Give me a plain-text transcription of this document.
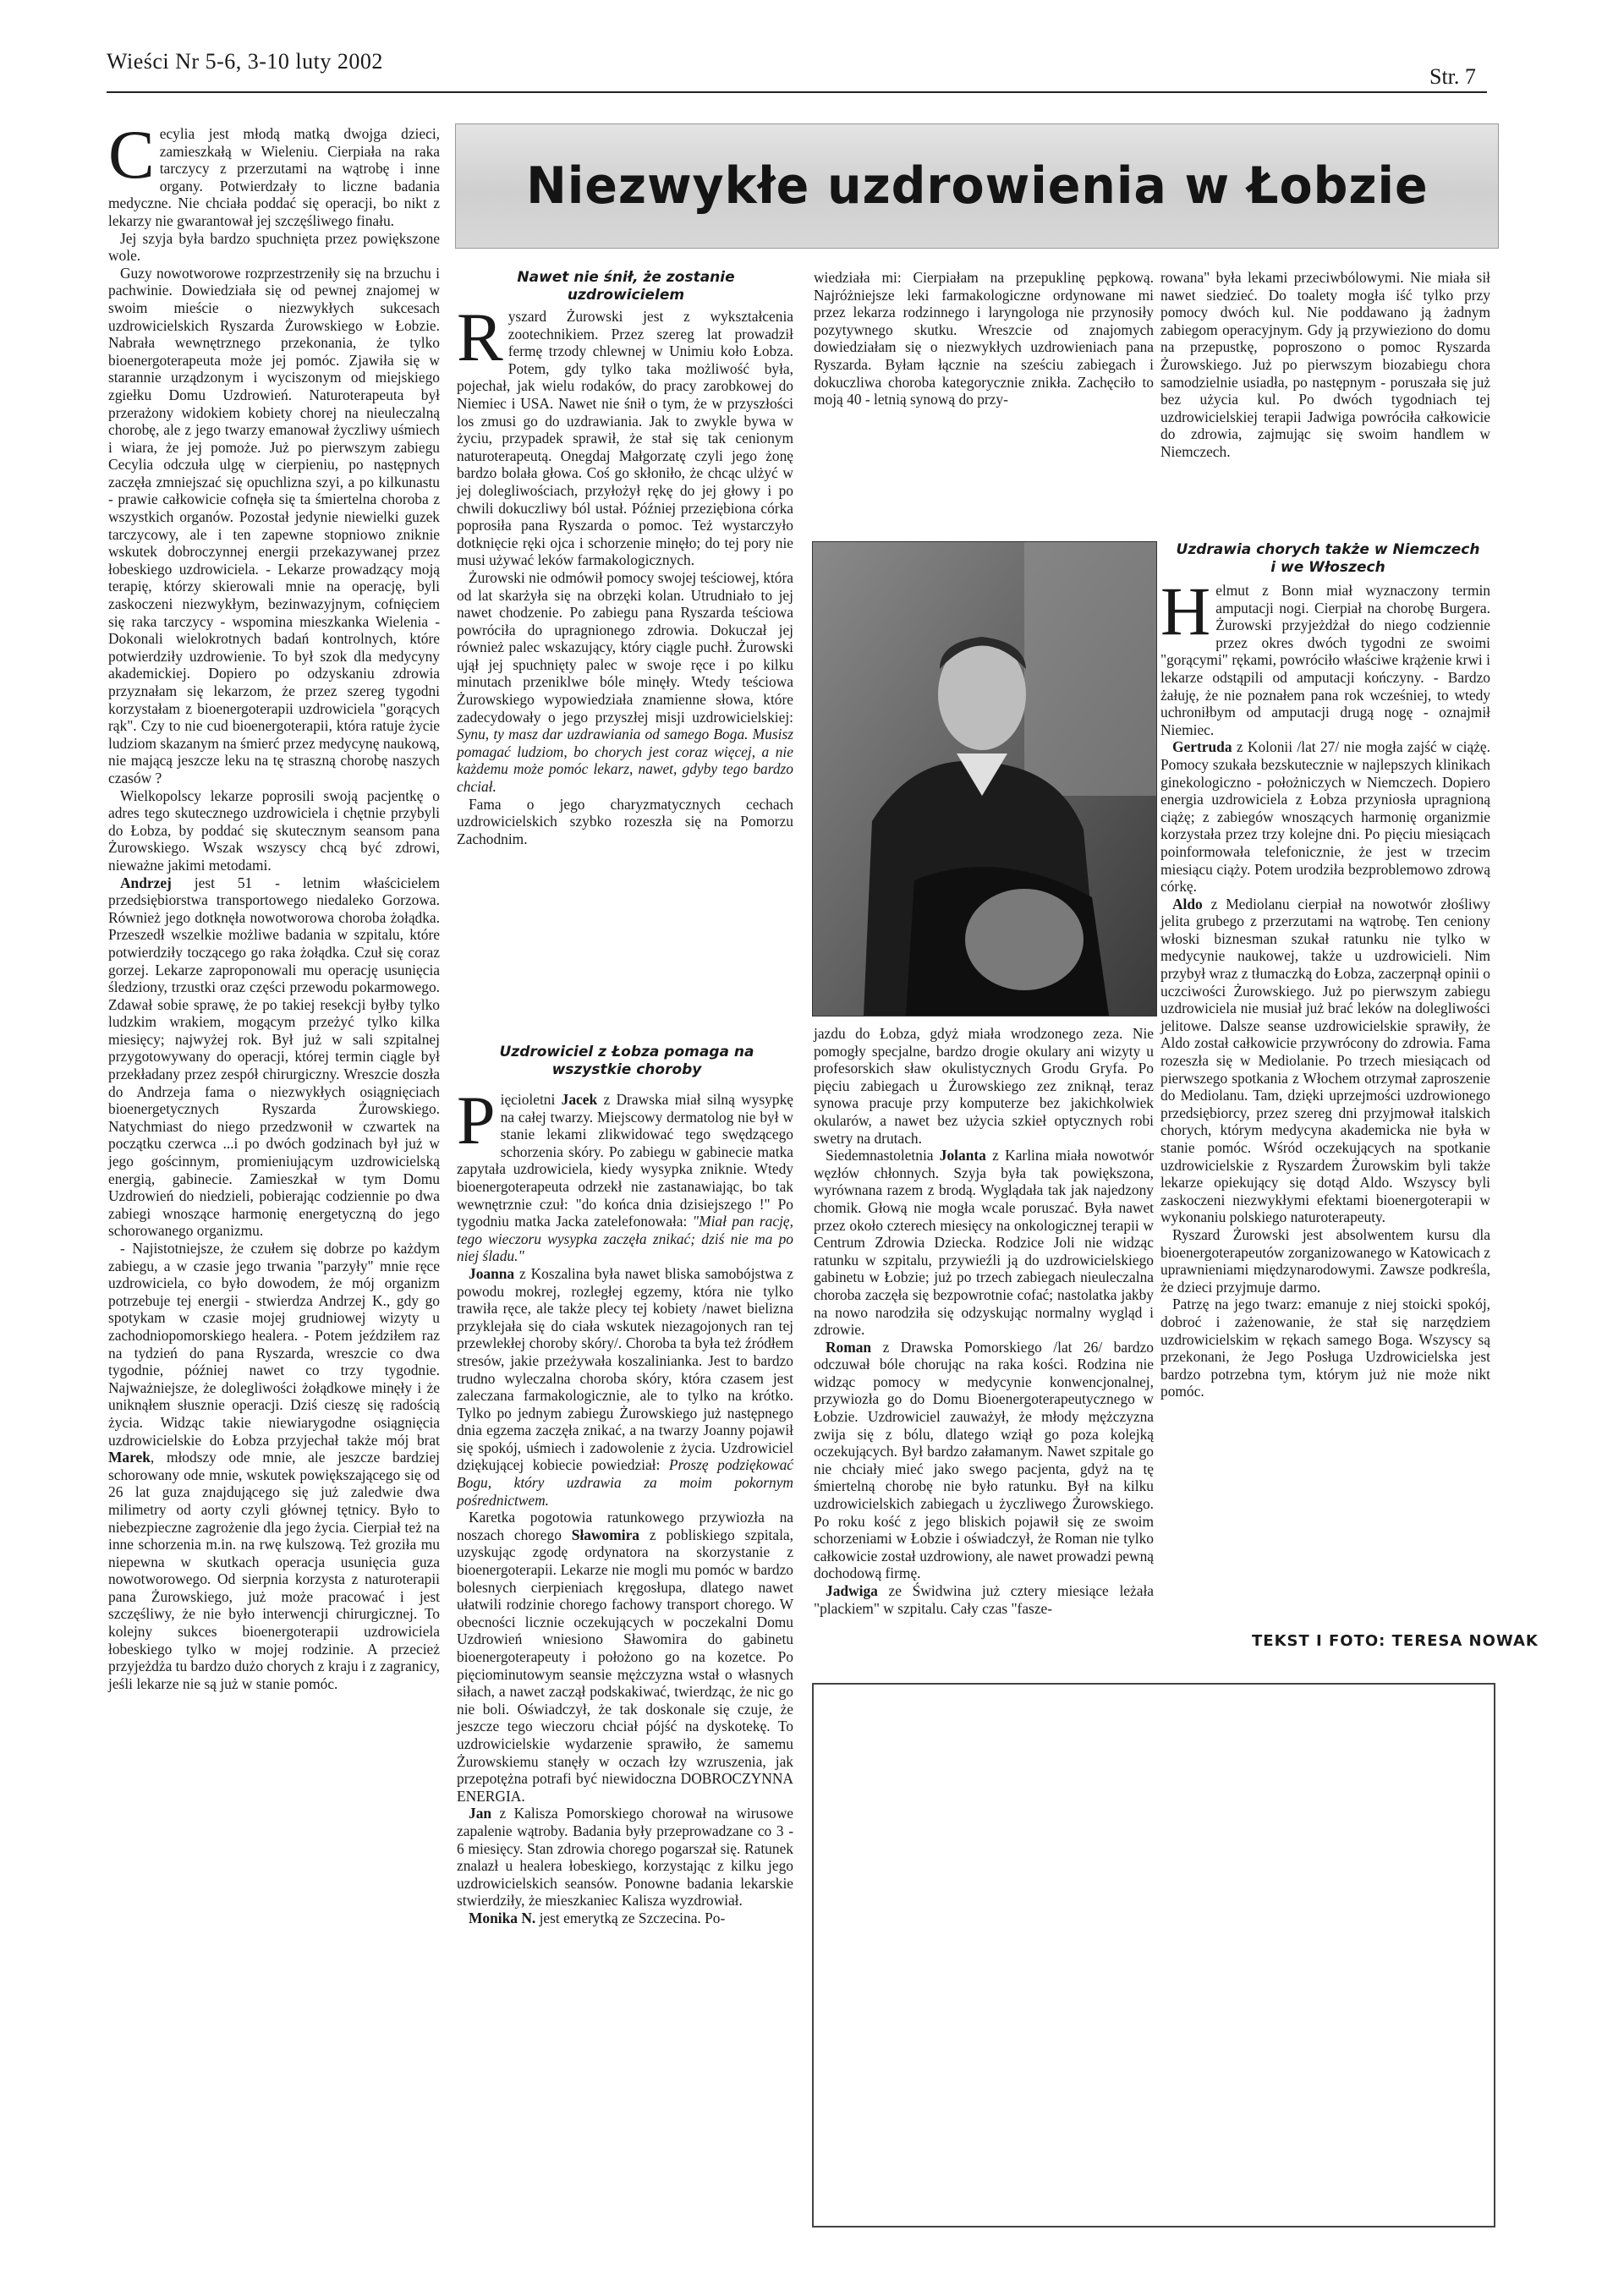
Wieści Nr 5-6, 3-10 luty 2002
Str. 7
Niezwykłe uzdrowienia w Łobzie

Cecylia jest młodą matką dwojga dzieci, zamieszkałą w Wieleniu. Cierpiała na raka tarczycy z przerzutami na wątrobę i inne organy. Potwierdzały to liczne badania medyczne. Nie chciała poddać się operacji, bo nikt z lekarzy nie gwarantował jej szczęśliwego finału.

Jej szyja była bardzo spuchnięta przez powiększone wole.

Guzy nowotworowe rozprzestrzeniły się na brzuchu i pachwinie. Dowiedziała się od pewnej znajomej w swoim mieście o niezwykłych sukcesach uzdrowicielskich Ryszarda Żurowskiego w Łobzie. Nabrała wewnętrznego przekonania, że tylko bioenergoterapeuta może jej pomóc. Zjawiła się w starannie urządzonym i wyciszonym od miejskiego zgiełku Domu Uzdrowień. Naturoterapeuta był przerażony widokiem kobiety chorej na nieuleczalną chorobę, ale z jego twarzy emanował życzliwy uśmiech i wiara, że jej pomoże. Już po pierwszym zabiegu Cecylia odczuła ulgę w cierpieniu, po następnych zaczęła zmniejszać się opuchlizna szyi, a po kilkunastu - prawie całkowicie cofnęła się ta śmiertelna choroba z wszystkich organów. Pozostał jedynie niewielki guzek tarczycowy, ale i ten zapewne stopniowo zniknie wskutek dobroczynnej energii przekazywanej przez łobeskiego uzdrowiciela. - Lekarze prowadzący moją terapię, którzy skierowali mnie na operację, byli zaskoczeni niezwykłym, bezinwazyjnym, cofnięciem się raka tarczycy - wspomina mieszkanka Wielenia - Dokonali wielokrotnych badań kontrolnych, które potwierdziły uzdrowienie. To był szok dla medycyny akademickiej. Dopiero po odzyskaniu zdrowia przyznałam się lekarzom, że przez szereg tygodni korzystałam z bioenergoterapii uzdrowiciela "gorących rąk". Czy to nie cud bioenergoterapii, która ratuje życie ludziom skazanym na śmierć przez medycynę naukową, nie mającą jeszcze leku na tę straszną chorobę naszych czasów ?

Wielkopolscy lekarze poprosili swoją pacjentkę o adres tego skutecznego uzdrowiciela i chętnie przybyli do Łobza, by poddać się skutecznym seansom pana Żurowskiego. Wszak wszyscy chcą być zdrowi, nieważne jakimi metodami.

Andrzej jest 51 - letnim właścicielem przedsiębiorstwa transportowego niedaleko Gorzowa. Również jego dotknęła nowotworowa choroba żołądka. Przeszedł wszelkie możliwe badania w szpitalu, które potwierdziły toczącego go raka żołądka. Czuł się coraz gorzej. Lekarze zaproponowali mu operację usunięcia śledziony, trzustki oraz części przewodu pokarmowego. Zdawał sobie sprawę, że po takiej resekcji byłby tylko ludzkim wrakiem, mogącym przeżyć tylko kilka miesięcy; najwyżej rok. Był już w sali szpitalnej przygotowywany do operacji, której termin ciągle był przekładany przez zespół chirurgiczny. Wreszcie doszła do Andrzeja fama o niezwykłych osiągnięciach bioenergetycznych Ryszarda Żurowskiego. Natychmiast do niego przedzwonił w czwartek na początku czerwca ...i po dwóch godzinach był już w jego gościnnym, promieniującym uzdrowicielską energią, gabinecie. Zamieszkał w tym Domu Uzdrowień do niedzieli, pobierając codziennie po dwa zabiegi wnoszące harmonię energetyczną do jego schorowanego organizmu.

- Najistotniejsze, że czułem się dobrze po każdym zabiegu, a w czasie jego trwania "parzyły" mnie ręce uzdrowiciela, co było dowodem, że mój organizm potrzebuje tej energii - stwierdza Andrzej K., gdy go spotykam w czasie mojej grudniowej wizyty u zachodniopomorskiego healera. - Potem jeździłem raz na tydzień do pana Ryszarda, wreszcie co dwa tygodnie, później nawet co trzy tygodnie. Najważniejsze, że dolegliwości żołądkowe minęły i że uniknąłem słusznie operacji. Dziś cieszę się radością życia. Widząc takie niewiarygodne osiągnięcia uzdrowicielskie do Łobza przyjechał także mój brat Marek, młodszy ode mnie, ale jeszcze bardziej schorowany ode mnie, wskutek powiększającego się od 26 lat guza znajdującego się już zaledwie dwa milimetry od aorty czyli głównej tętnicy. Było to niebezpieczne zagrożenie dla jego życia. Cierpiał też na inne schorzenia m.in. na rwę kulszową. Też groziła mu niepewna w skutkach operacja usunięcia guza nowotworowego. Od sierpnia korzysta z naturoterapii pana Żurowskiego, już może pracować i jest szczęśliwy, że nie było interwencji chirurgicznej. To kolejny sukces bioenergoterapii uzdrowiciela łobeskiego tylko w mojej rodzinie. A przecież przyjeżdża tu bardzo dużo chorych z kraju i z zagranicy, jeśli lekarze nie są już w stanie pomóc.

Nawet nie śnił, że zostanie uzdrowicielem

Ryszard Żurowski jest z wykształcenia zootechnikiem. Przez szereg lat prowadził fermę trzody chlewnej w Unimiu koło Łobza. Potem, gdy tylko taka możliwość była, pojechał, jak wielu rodaków, do pracy zarobkowej do Niemiec i USA. Nawet nie śnił o tym, że w przyszłości los zmusi go do uzdrawiania. Jak to zwykle bywa w życiu, przypadek sprawił, że stał się tak cenionym naturoterapeutą. Onegdaj Małgorzatę czyli jego żonę bardzo bolała głowa. Coś go skłoniło, że chcąc ulżyć w jej dolegliwościach, przyłożył rękę do jej głowy i po chwili dokuczliwy ból ustał. Później przeziębiona córka poprosiła pana Ryszarda o pomoc. Też wystarczyło dotknięcie ręki ojca i schorzenie minęło; do tej pory nie musi używać leków farmakologicznych.

Żurowski nie odmówił pomocy swojej teściowej, która od lat skarżyła się na obrzęki kolan. Utrudniało to jej nawet chodzenie. Po zabiegu pana Ryszarda teściowa powróciła do upragnionego zdrowia. Dokuczał jej również palec wskazujący, który ciągle puchł. Żurowski ujął jej spuchnięty palec w swoje ręce i po kilku minutach przeniklwe bóle minęły. Wtedy teściowa Żurowskiego wypowiedziała znamienne słowa, które zadecydowały o jego przyszłej misji uzdrowicielskiej: Synu, ty masz dar uzdrawiania od samego Boga. Musisz pomagać ludziom, bo chorych jest coraz więcej, a nie każdemu może pomóc lekarz, nawet, gdyby tego bardzo chciał.

Fama o jego charyzmatycznych cechach uzdrowicielskich szybko rozeszła się na Pomorzu Zachodnim.

Uzdrowiciel z Łobza pomaga na wszystkie choroby

Pięcioletni Jacek z Drawska miał silną wysypkę na całej twarzy. Miejscowy dermatolog nie był w stanie lekami zlikwidować tego swędzącego schorzenia skóry. Po zabiegu w gabinecie matka zapytała uzdrowiciela, kiedy wysypka zniknie. Wtedy bioenergoterapeuta odrzekł nie zastanawiając, bo tak wewnętrznie czuł: "do końca dnia dzisiejszego !" Po tygodniu matka Jacka zatelefonowała: "Miał pan rację, tego wieczoru wysypka zaczęła znikać; dziś nie ma po niej śladu."

Joanna z Koszalina była nawet bliska samobójstwa z powodu mokrej, rozległej egzemy, która nie tylko trawiła ręce, ale także plecy tej kobiety /nawet bielizna przyklejała się do ciała wskutek niezagojonych ran tej przewlekłej choroby skóry/. Choroba ta była też źródłem stresów, jakie przeżywała koszalinianka. Jest to bardzo trudno wyleczalna choroba skóry, która czasem jest zaleczana farmakologicznie, ale to tylko na krótko. Tylko po jednym zabiegu Żurowskiego już następnego dnia egzema zaczęła znikać, a na twarzy Joanny pojawił się spokój, uśmiech i zadowolenie z życia. Uzdrowiciel dziękującej kobiecie powiedział: Proszę podziękować Bogu, który uzdrawia za moim pokornym pośrednictwem.

Karetka pogotowia ratunkowego przywiozła na noszach chorego Sławomira z pobliskiego szpitala, uzyskując zgodę ordynatora na skorzystanie z bioenergoterapii. Lekarze nie mogli mu pomóc w bardzo bolesnych cierpieniach kręgosłupa, dlatego nawet ułatwili rodzinie chorego fachowy transport chorego. W obecności licznie oczekujących w poczekalni Domu Uzdrowień wniesiono Sławomira do gabinetu bioenergoterapeuty i położono go na kozetce. Po pięciominutowym seansie mężczyzna wstał o własnych siłach, a nawet zaczął podskakiwać, twierdząc, że nic go nie boli. Oświadczył, że tak doskonale się czuje, że jeszcze tego wieczoru chciał pójść na dyskotekę. To uzdrowicielskie wydarzenie sprawiło, że samemu Żurowskiemu stanęły w oczach łzy wzruszenia, jak przepotężna potrafi być niewidoczna DOBROCZYNNA ENERGIA.

Jan z Kalisza Pomorskiego chorował na wirusowe zapalenie wątroby. Badania były przeprowadzane co 3 - 6 miesięcy. Stan zdrowia chorego pogarszał się. Ratunek znalazł u healera łobeskiego, korzystając z kilku jego uzdrowicielskich seansów. Ponowne badania lekarskie stwierdziły, że mieszkaniec Kalisza wyzdrowiał.

Monika N. jest emerytką ze Szczecina. Po-

wiedziała mi: Cierpiałam na przepuklinę pępkową. Najróżniejsze leki farmakologiczne ordynowane mi przez lekarza rodzinnego i laryngologa nie przynosiły pozytywnego skutku. Wreszcie od znajomych dowiedziałam się o niezwykłych uzdrowieniach pana Ryszarda. Byłam łącznie na sześciu zabiegach i dokuczliwa choroba kategorycznie znikła. Zachęciło to moją 40 - letnią synową do przy-

jazdu do Łobza, gdyż miała wrodzonego zeza. Nie pomogły specjalne, bardzo drogie okulary ani wizyty u profesorskich sław okulistycznych Grodu Gryfa. Po pięciu zabiegach u Żurowskiego zez zniknął, teraz synowa pracuje przy komputerze bez jakichkolwiek okularów, a nawet bez użycia szkieł optycznych robi swetry na drutach.

Siedemnastoletnia Jolanta z Karlina miała nowotwór węzłów chłonnych. Szyja była tak powiększona, wyrównana razem z brodą. Wyglądała tak jak najedzony chomik. Głową nie mogła wcale poruszać. Była nawet przez około czterech miesięcy na onkologicznej terapii w Centrum Zdrowia Dziecka. Rodzice Joli nie widząc ratunku w szpitalu, przywieźli ją do uzdrowicielskiego gabinetu w Łobzie; już po trzech zabiegach nieuleczalna choroba zaczęła się bezpowrotnie cofać; nastolatka jakby na nowo narodziła się odzyskując normalny wygląd i zdrowie.

Roman z Drawska Pomorskiego /lat 26/ bardzo odczuwał bóle chorując na raka kości. Rodzina nie widząc pomocy w medycynie konwencjonalnej, przywiozła go do Domu Bioenergoterapeutycznego w Łobzie. Uzdrowiciel zauważył, że młody mężczyzna zwija się z bólu, dlatego wziął go poza kolejką oczekujących. Był bardzo załamanym. Nawet szpitale go nie chciały mieć jako swego pacjenta, gdyż na tę śmiertelną chorobę nie było ratunku. Był na kilku uzdrowicielskich zabiegach u życzliwego Żurowskiego. Po roku kość z jego bliskich pojawił się ze swoim schorzeniami w Łobzie i oświadczył, że Roman nie tylko całkowicie został uzdrowiony, ale nawet prowadzi pewną dochodową firmę.

Jadwiga ze Świdwina już cztery miesiące leżała "plackiem" w szpitalu. Cały czas "fasze-

rowana" była lekami przeciwbólowymi. Nie miała sił nawet siedzieć. Do toalety mogła iść tylko przy pomocy dwóch kul. Nie poddawano ją żadnym zabiegom operacyjnym. Gdy ją przywieziono do domu na przepustkę, poproszono o pomoc Ryszarda Żurowskiego. Już po pierwszym biozabiegu chora samodzielnie usiadła, po następnym - poruszała się już bez użycia kul. Po dwóch tygodniach tej uzdrowicielskiej terapii Jadwiga powróciła całkowicie do zdrowia, zajmując się swoim handlem w Niemczech.

Uzdrawia chorych także w Niemczech i we Włoszech

Helmut z Bonn miał wyznaczony termin amputacji nogi. Cierpiał na chorobę Burgera. Żurowski przyjeżdżał do niego codziennie przez okres dwóch tygodni ze swoimi "gorącymi" rękami, powróciło właściwe krążenie krwi i lekarze odstąpili od amputacji kończyny. - Bardzo żałuję, że nie poznałem pana rok wcześniej, to wtedy uchroniłbym od amputacji drugą nogę - oznajmił Niemiec.

Gertruda z Kolonii /lat 27/ nie mogła zajść w ciążę. Pomocy szukała bezskutecznie w najlepszych klinikach ginekologiczno - położniczych w Niemczech. Dopiero energia uzdrowiciela z Łobza przyniosła upragnioną ciążę; z zabiegów wnoszących harmonię organizmie korzystała przez trzy kolejne dni. Po pięciu miesiącach poinformowała telefonicznie, że jest w trzecim miesiącu ciąży. Potem urodziła bezproblemowo zdrową córkę.

Aldo z Mediolanu cierpiał na nowotwór złośliwy jelita grubego z przerzutami na wątrobę. Ten ceniony włoski biznesman szukał ratunku nie tylko w medycynie naukowej, także u uzdrowicieli. Nim przybył wraz z tłumaczką do Łobza, zaczerpnął opinii o uczciwości Żurowskiego. Już po pierwszym zabiegu uzdrowiciela nie musiał już brać leków na dolegliwości jelitowe. Dalsze seanse uzdrowicielskie sprawiły, że Aldo został całkowicie przywrócony do zdrowia. Fama rozeszła się w Mediolanie. Po trzech miesiącach od pierwszego spotkania z Włochem otrzymał zaproszenie do Mediolanu. Tam, dzięki uprzejmości uzdrowionego przedsiębiorcy, przez szereg dni przyjmował italskich chorych, którym medycyna akademicka nie była w stanie pomóc. Wśród oczekujących na spotkanie uzdrowicielskie z Ryszardem Żurowskim byli także lekarze opiekujący się dotąd Aldo. Wszyscy byli zaskoczeni niezwykłymi efektami bioenergoterapii w wykonaniu polskiego naturoterapeuty.

Ryszard Żurowski jest absolwentem kursu dla bioenergoterapeutów zorganizowanego w Katowicach z uprawnieniami międzynarodowymi. Zawsze podkreśla, że dzieci przyjmuje darmo.

Patrzę na jego twarz: emanuje z niej stoicki spokój, dobroć i zażenowanie, że stał się narzędziem uzdrowicielskim w rękach samego Boga. Wszyscy są przekonani, że Jego Posługa Uzdrowicielska jest bardzo potrzebna tym, którym już nie może nikt pomóc.

TEKST I FOTO: TERESA NOWAK
